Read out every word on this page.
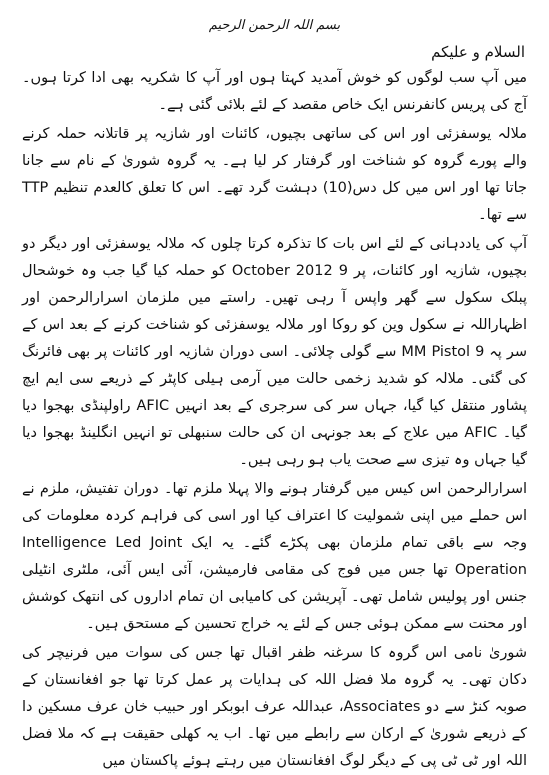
بسم اللہ الرحمن الرحیم
السلام و علیکم

میں آپ سب لوگوں کو خوش آمدید کہتا ہوں اور آپ کا شکریہ بھی ادا کرتا ہوں۔ آج کی پریس کانفرنس ایک خاص مقصد کے لئے بلائی گئی ہے۔

ملالہ یوسفزئی اور اس کی ساتھی بچیوں، کائنات اور شازیہ پر قاتلانہ حملہ کرنے والے پورے گروہ کو شناخت اور گرفتار کر لیا ہے۔ یہ گروہ شوریٰ کے نام سے جانا جاتا تھا اور اس میں کل دس(10) دہشت گرد تھے۔ اس کا تعلق کالعدم تنظیم TTP سے تھا۔

آپ کی یاددہانی کے لئے اس بات کا تذکرہ کرتا چلوں کہ ملالہ یوسفزئی اور دیگر دو بچیوں، شازیہ اور کائنات، پر 9 October 2012 کو حملہ کیا گیا جب وہ خوشحال پبلک سکول سے گھر واپس آ رہی تھیں۔ راستے میں ملزمان اسرارالرحمن اور اظہاراللہ نے سکول وین کو روکا اور ملالہ یوسفزئی کو شناخت کرنے کے بعد اس کے سر پہ 9 MM Pistol سے گولی چلائی۔ اسی دوران شازیہ اور کائنات پر بھی فائرنگ کی گئی۔ ملالہ کو شدید زخمی حالت میں آرمی ہیلی کاپٹر کے ذریعے سی ایم ایچ پشاور منتقل کیا گیا، جہاں سر کی سرجری کے بعد انہیں AFIC راولپنڈی بھجوا دیا گیا۔ AFIC میں علاج کے بعد جونہی ان کی حالت سنبھلی تو انہیں انگلینڈ بھجوا دیا گیا جہاں وہ تیزی سے صحت یاب ہو رہی ہیں۔

اسرارالرحمن اس کیس میں گرفتار ہونے والا پہلا ملزم تھا۔ دوران تفتیش، ملزم نے اس حملے میں اپنی شمولیت کا اعتراف کیا اور اسی کی فراہم کردہ معلومات کی وجہ سے باقی تمام ملزمان بھی پکڑے گئے۔ یہ ایک Intelligence Led Joint Operation تھا جس میں فوج کی مقامی فارمیشن، آئی ایس آئی، ملٹری انٹیلی جنس اور پولیس شامل تھی۔ آپریشن کی کامیابی ان تمام اداروں کی انتھک کوشش اور محنت سے ممکن ہوئی جس کے لئے یہ خراج تحسین کے مستحق ہیں۔

شوریٰ نامی اس گروہ کا سرغنہ ظفر اقبال تھا جس کی سوات میں فرنیچر کی دکان تھی۔ یہ گروہ ملا فضل اللہ کی ہدایات پر عمل کرتا تھا جو افغانستان کے صوبہ کنڑ سے دو Associates، عبداللہ عرف ابوبکر اور حبیب خان عرف مسکین دا کے ذریعے شوریٰ کے ارکان سے رابطے میں تھا۔ اب یہ کھلی حقیقت ہے کہ ملا فضل اللہ اور ٹی ٹی پی کے دیگر لوگ افغانستان میں رہتے ہوئے پاکستان میں
